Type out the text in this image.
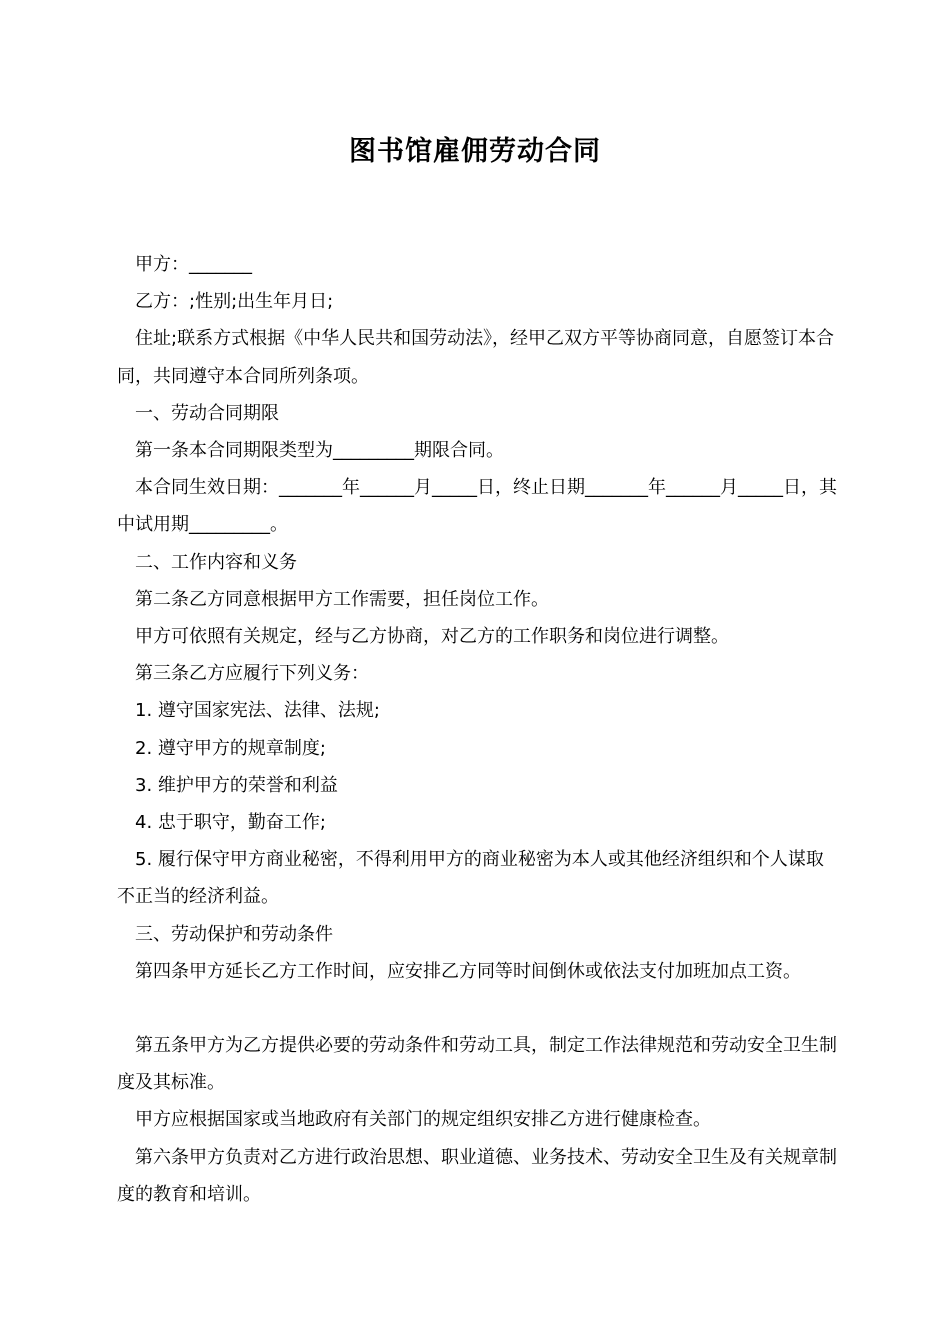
图书馆雇佣劳动合同

甲方：_______

乙方：;性别;出生年月日;

住址;联系方式根据《中华人民共和国劳动法》，经甲乙双方平等协商同意，自愿签订本合同，共同遵守本合同所列条项。

一、劳动合同期限

第一条本合同期限类型为_________期限合同。

本合同生效日期：_______年______月_____日，终止日期_______年______月_____日，其中试用期_________。

二、工作内容和义务

第二条乙方同意根据甲方工作需要，担任岗位工作。

甲方可依照有关规定，经与乙方协商，对乙方的工作职务和岗位进行调整。

第三条乙方应履行下列义务：

1. 遵守国家宪法、法律、法规;

2. 遵守甲方的规章制度;

3. 维护甲方的荣誉和利益

4. 忠于职守，勤奋工作;

5. 履行保守甲方商业秘密，不得利用甲方的商业秘密为本人或其他经济组织和个人谋取不正当的经济利益。

三、劳动保护和劳动条件

第四条甲方延长乙方工作时间，应安排乙方同等时间倒休或依法支付加班加点工资。

第五条甲方为乙方提供必要的劳动条件和劳动工具，制定工作法律规范和劳动安全卫生制度及其标准。

甲方应根据国家或当地政府有关部门的规定组织安排乙方进行健康检查。

第六条甲方负责对乙方进行政治思想、职业道德、业务技术、劳动安全卫生及有关规章制度的教育和培训。
